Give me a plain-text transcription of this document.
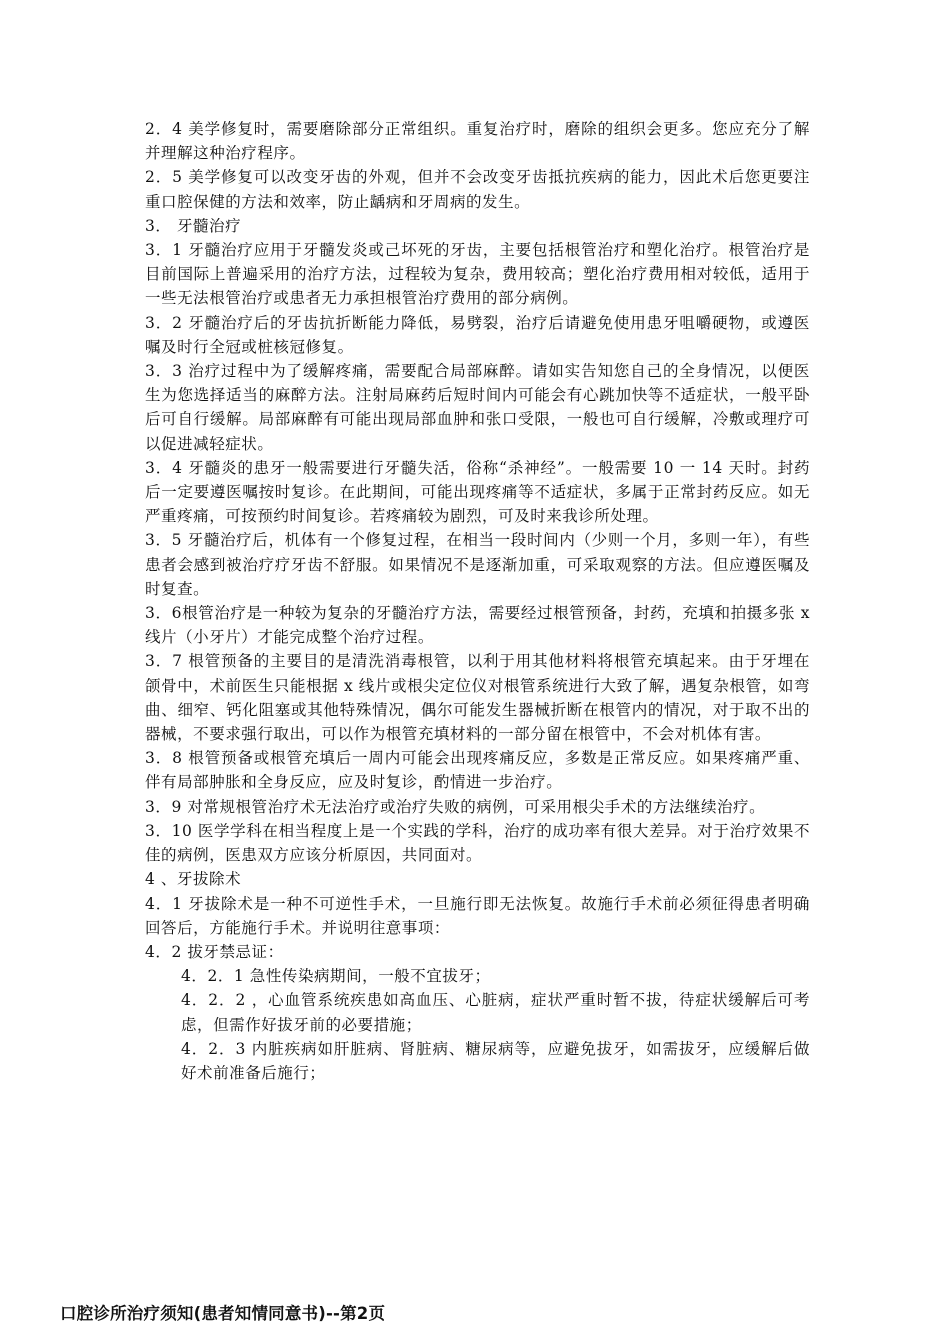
2．4 美学修复时，需要磨除部分正常组织。重复治疗时，磨除的组织会更多。您应充分了解并理解这种治疗程序。

2．5 美学修复可以改变牙齿的外观，但并不会改变牙齿抵抗疾病的能力，因此术后您更要注重口腔保健的方法和效率，防止龋病和牙周病的发生。

3． 牙髓治疗

3．1 牙髓治疗应用于牙髓发炎或己坏死的牙齿，主要包括根管治疗和塑化治疗。根管治疗是目前国际上普遍采用的治疗方法，过程较为复杂，费用较高；塑化治疗费用相对较低，适用于一些无法根管治疗或患者无力承担根管治疗费用的部分病例。

3．2 牙髓治疗后的牙齿抗折断能力降低，易劈裂，治疗后请避免使用患牙咀嚼硬物，或遵医嘱及时行全冠或桩核冠修复。

3．3 治疗过程中为了缓解疼痛，需要配合局部麻醉。请如实告知您自己的全身情况，以便医生为您选择适当的麻醉方法。注射局麻药后短时间内可能会有心跳加快等不适症状，一般平卧后可自行缓解。局部麻醉有可能出现局部血肿和张口受限，一般也可自行缓解，冷敷或理疗可以促进减轻症状。

3．4 牙髓炎的患牙一般需要进行牙髓失活，俗称“杀神经”。一般需要 10 一 14 天时。封药后一定要遵医嘱按时复诊。在此期间，可能出现疼痛等不适症状，多属于正常封药反应。如无严重疼痛，可按预约时间复诊。若疼痛较为剧烈，可及时来我诊所处理。

3．5 牙髓治疗后，机体有一个修复过程，在相当一段时间内（少则一个月，多则一年），有些患者会感到被治疗疗牙齿不舒服。如果情况不是逐渐加重，可采取观察的方法。但应遵医嘱及时复查。

3．6根管治疗是一种较为复杂的牙髓治疗方法，需要经过根管预备，封药，充填和拍摄多张 x 线片（小牙片）才能完成整个治疗过程。

3．7 根管预备的主要目的是清洗消毒根管，以利于用其他材料将根管充填起来。由于牙埋在颌骨中，术前医生只能根据 x 线片或根尖定位仪对根管系统进行大致了解，遇复杂根管，如弯曲、细窄、钙化阻塞或其他特殊情况，偶尔可能发生器械折断在根管内的情况，对于取不出的器械，不要求强行取出，可以作为根管充填材料的一部分留在根管中，不会对机体有害。

3．8 根管预备或根管充填后一周内可能会出现疼痛反应，多数是正常反应。如果疼痛严重、伴有局部肿胀和全身反应，应及时复诊，酌情进一步治疗。

3．9 对常规根管治疗术无法治疗或治疗失败的病例，可采用根尖手术的方法继续治疗。

3．10 医学学科在相当程度上是一个实践的学科，治疗的成功率有很大差异。对于治疗效果不佳的病例，医患双方应该分析原因，共同面对。

4 、牙拔除术

4．1 牙拔除术是一种不可逆性手术，一旦施行即无法恢复。故施行手术前必须征得患者明确回答后，方能施行手术。并说明往意事项：

4．2 拔牙禁忌证：

4．2．1 急性传染病期间，一般不宜拔牙；

4．2．2 ，心血管系统疾患如高血压、心脏病，症状严重时暂不拔，待症状缓解后可考虑，但需作好拔牙前的必要措施；

4．2．3 内脏疾病如肝脏病、肾脏病、糖尿病等，应避免拔牙，如需拔牙，应缓解后做好术前准备后施行；

口腔诊所治疗须知(患者知情同意书)--第2页
